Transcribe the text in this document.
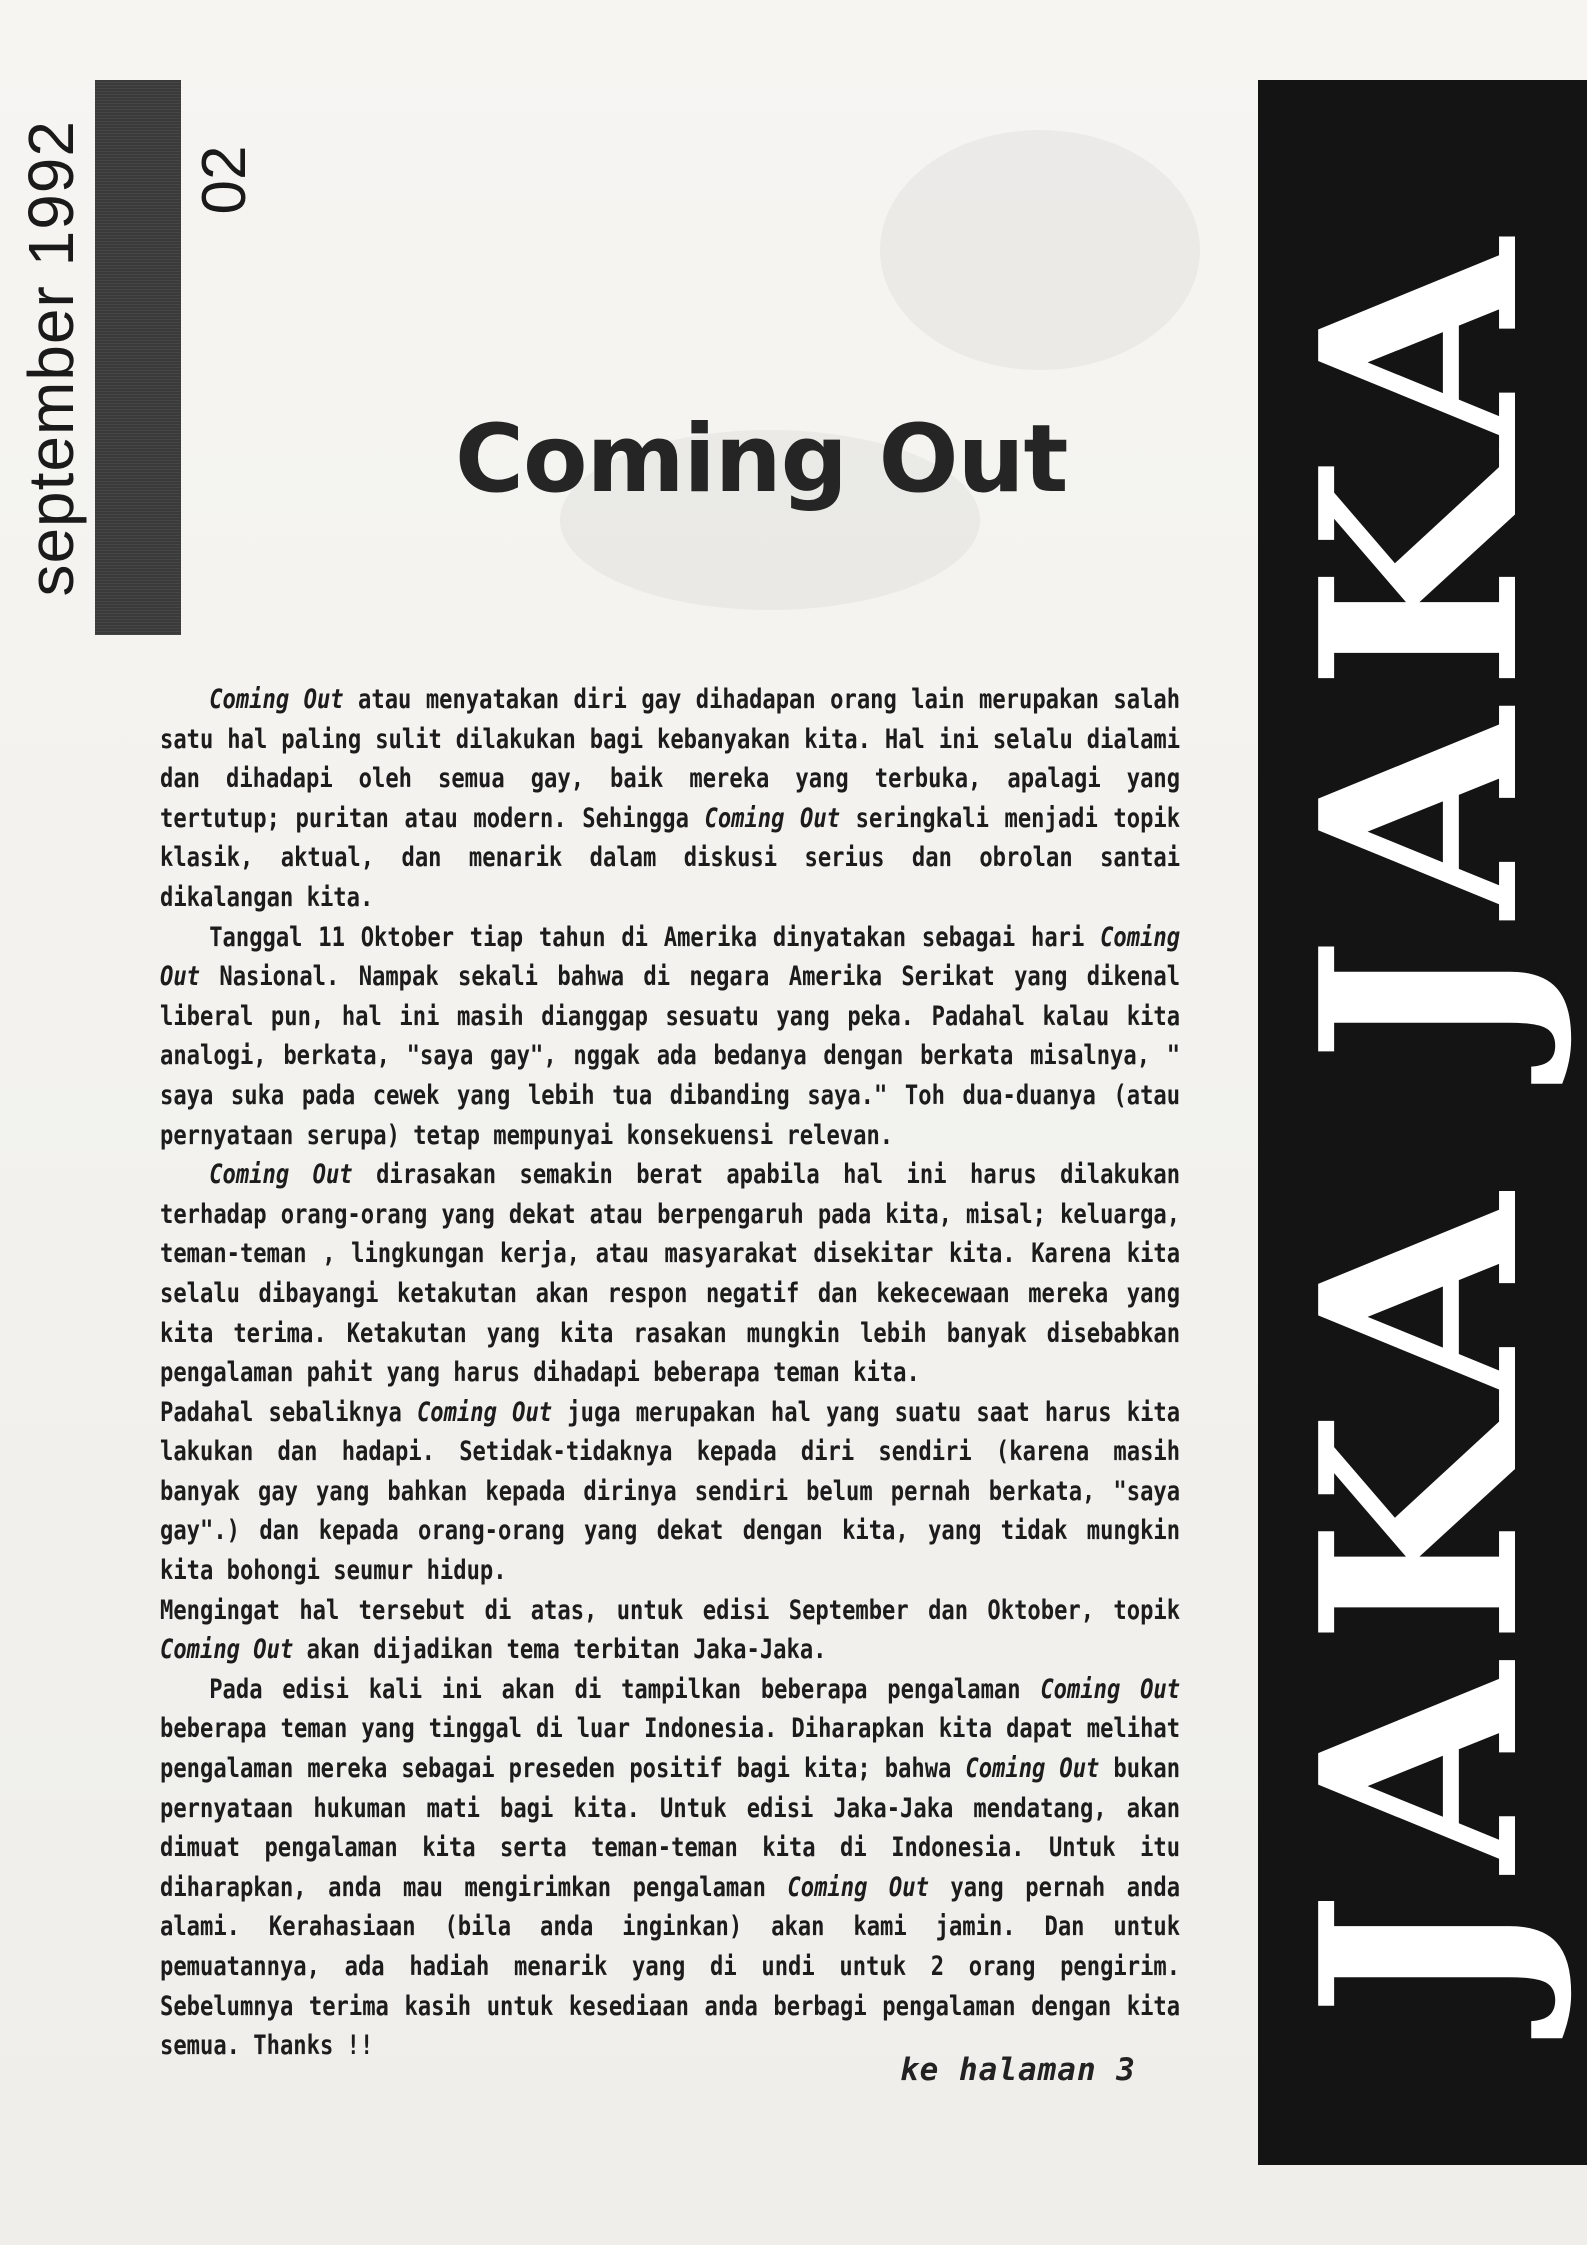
september 1992 02
JAKA JAKA
Coming Out

Coming Out atau menyatakan diri gay dihadapan orang lain merupakan salah satu hal paling sulit dilakukan bagi kebanyakan kita. Hal ini selalu dialami dan dihadapi oleh semua gay, baik mereka yang terbuka, apalagi yang tertutup; puritan atau modern. Sehingga Coming Out seringkali menjadi topik klasik, aktual, dan menarik dalam diskusi serius dan obrolan santai dikalangan kita.

Tanggal 11 Oktober tiap tahun di Amerika dinyatakan sebagai hari Coming Out Nasional. Nampak sekali bahwa di negara Amerika Serikat yang dikenal liberal pun, hal ini masih dianggap sesuatu yang peka. Padahal kalau kita analogi, berkata, "saya gay", nggak ada bedanya dengan berkata misalnya, " saya suka pada cewek yang lebih tua dibanding saya." Toh dua-duanya (atau pernyataan serupa) tetap mempunyai konsekuensi relevan.

Coming Out dirasakan semakin berat apabila hal ini harus dilakukan terhadap orang-orang yang dekat atau berpengaruh pada kita, misal; keluarga, teman-teman , lingkungan kerja, atau masyarakat disekitar kita. Karena kita selalu dibayangi ketakutan akan respon negatif dan kekecewaan mereka yang kita terima. Ketakutan yang kita rasakan mungkin lebih banyak disebabkan pengalaman pahit yang harus dihadapi beberapa teman kita.

Padahal sebaliknya Coming Out juga merupakan hal yang suatu saat harus kita lakukan dan hadapi. Setidak-tidaknya kepada diri sendiri (karena masih banyak gay yang bahkan kepada dirinya sendiri belum pernah berkata, "saya gay".) dan kepada orang-orang yang dekat dengan kita, yang tidak mungkin kita bohongi seumur hidup.

Mengingat hal tersebut di atas, untuk edisi September dan Oktober, topik Coming Out akan dijadikan tema terbitan Jaka-Jaka.

Pada edisi kali ini akan di tampilkan beberapa pengalaman Coming Out beberapa teman yang tinggal di luar Indonesia. Diharapkan kita dapat melihat pengalaman mereka sebagai preseden positif bagi kita; bahwa Coming Out bukan pernyataan hukuman mati bagi kita. Untuk edisi Jaka-Jaka mendatang, akan dimuat pengalaman kita serta teman-teman kita di Indonesia. Untuk itu diharapkan, anda mau mengirimkan pengalaman Coming Out yang pernah anda alami. Kerahasiaan (bila anda inginkan) akan kami jamin. Dan untuk pemuatannya, ada hadiah menarik yang di undi untuk 2 orang pengirim. Sebelumnya terima kasih untuk kesediaan anda berbagi pengalaman dengan kita semua. Thanks !!

ke halaman 3
